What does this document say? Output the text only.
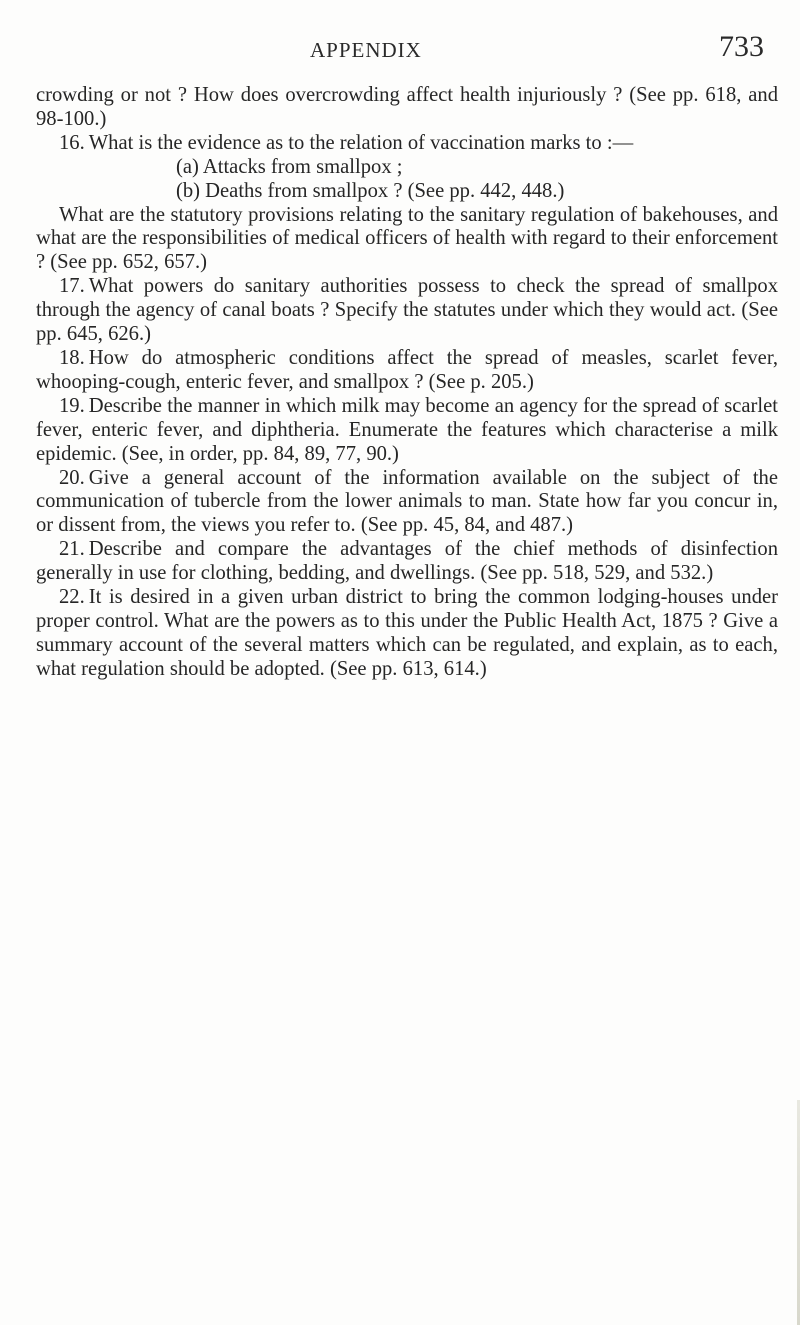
APPENDIX	733

crowding or not ? How does overcrowding affect health injuriously ? (See pp. 618, and 98-100.)

16. What is the evidence as to the relation of vaccination marks to :—

(a) Attacks from smallpox ;
(b) Deaths from smallpox ? (See pp. 442, 448.)

What are the statutory provisions relating to the sanitary regulation of bakehouses, and what are the responsibilities of medical officers of health with regard to their enforcement ? (See pp. 652, 657.)

17. What powers do sanitary authorities possess to check the spread of smallpox through the agency of canal boats ? Specify the statutes under which they would act. (See pp. 645, 626.)

18. How do atmospheric conditions affect the spread of measles, scarlet fever, whooping-cough, enteric fever, and smallpox ? (See p. 205.)

19. Describe the manner in which milk may become an agency for the spread of scarlet fever, enteric fever, and diphtheria. Enumerate the features which characterise a milk epidemic. (See, in order, pp. 84, 89, 77, 90.)

20. Give a general account of the information available on the subject of the communication of tubercle from the lower animals to man. State how far you concur in, or dissent from, the views you refer to. (See pp. 45, 84, and 487.)

21. Describe and compare the advantages of the chief methods of disinfection generally in use for clothing, bedding, and dwellings. (See pp. 518, 529, and 532.)

22. It is desired in a given urban district to bring the common lodging-houses under proper control. What are the powers as to this under the Public Health Act, 1875 ? Give a summary account of the several matters which can be regulated, and explain, as to each, what regulation should be adopted. (See pp. 613, 614.)
